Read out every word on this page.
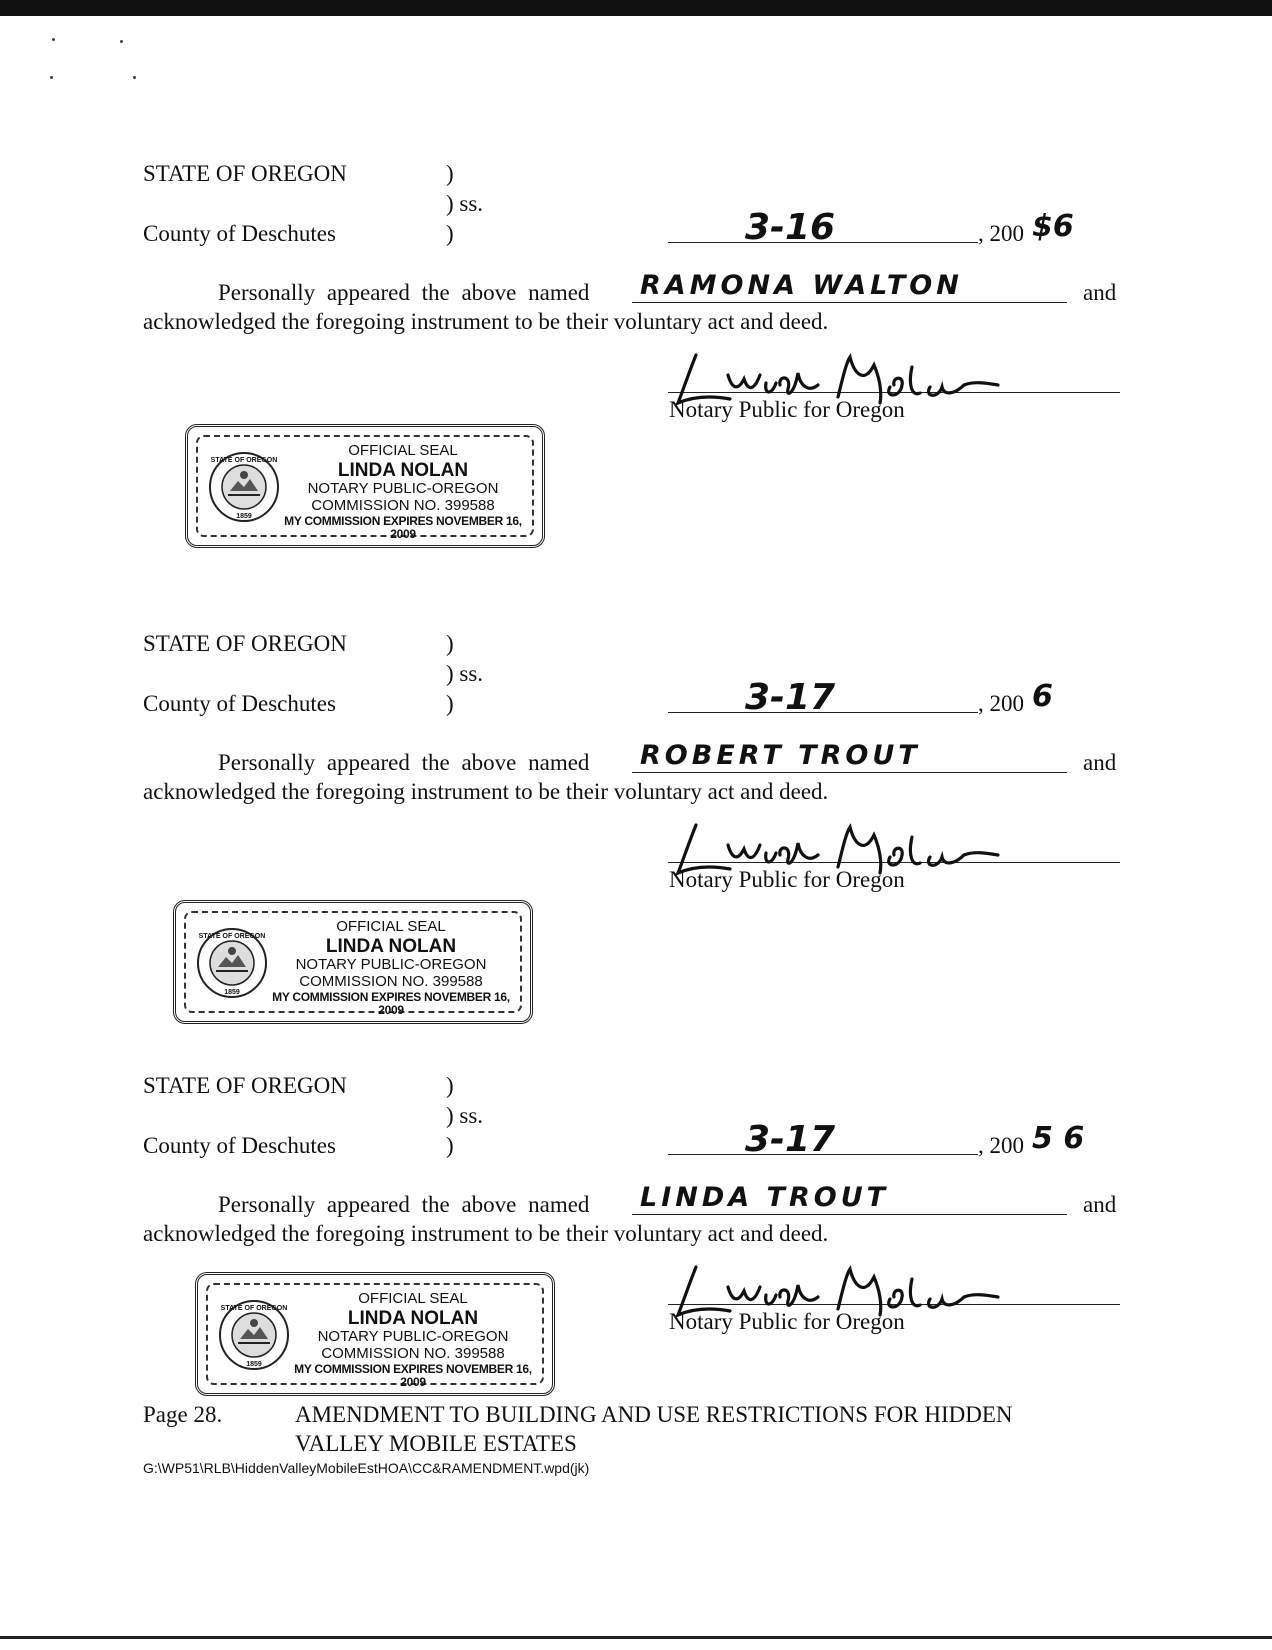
STATE OF OREGON	)
) ss.
County of Deschutes	)	3-16	, 200 $6
Personally appeared the above named RAMONA WALTON	and
acknowledged the foregoing instrument to be their voluntary act and deed.
Notary Public for Oregon
STATE OF OREGON	)
) ss.
County of Deschutes	)	3-17	, 200 6
Personally appeared the above named ROBERT TROUT	and
acknowledged the foregoing instrument to be their voluntary act and deed.
Notary Public for Oregon
STATE OF OREGON	)
) ss.
County of Deschutes	)	3-17	, 200 5 6
Personally appeared the above named LINDA TROUT	and
acknowledged the foregoing instrument to be their voluntary act and deed.
Notary Public for Oregon
STATE OF OREGON
1859
OFFICIAL SEAL
LINDA NOLAN
NOTARY PUBLIC-OREGON
COMMISSION NO. 399588
MY COMMISSION EXPIRES NOVEMBER 16, 2009
STATE OF OREGON
1859
OFFICIAL SEAL
LINDA NOLAN
NOTARY PUBLIC-OREGON
COMMISSION NO. 399588
MY COMMISSION EXPIRES NOVEMBER 16, 2009
STATE OF OREGON
1859
OFFICIAL SEAL
LINDA NOLAN
NOTARY PUBLIC-OREGON
COMMISSION NO. 399588
MY COMMISSION EXPIRES NOVEMBER 16, 2009
Page 28.	AMENDMENT TO BUILDING AND USE RESTRICTIONS FOR HIDDEN
VALLEY MOBILE ESTATES
G:\WP51\RLB\HiddenValleyMobileEstHOA\CC&RAMENDMENT.wpd(jk)
